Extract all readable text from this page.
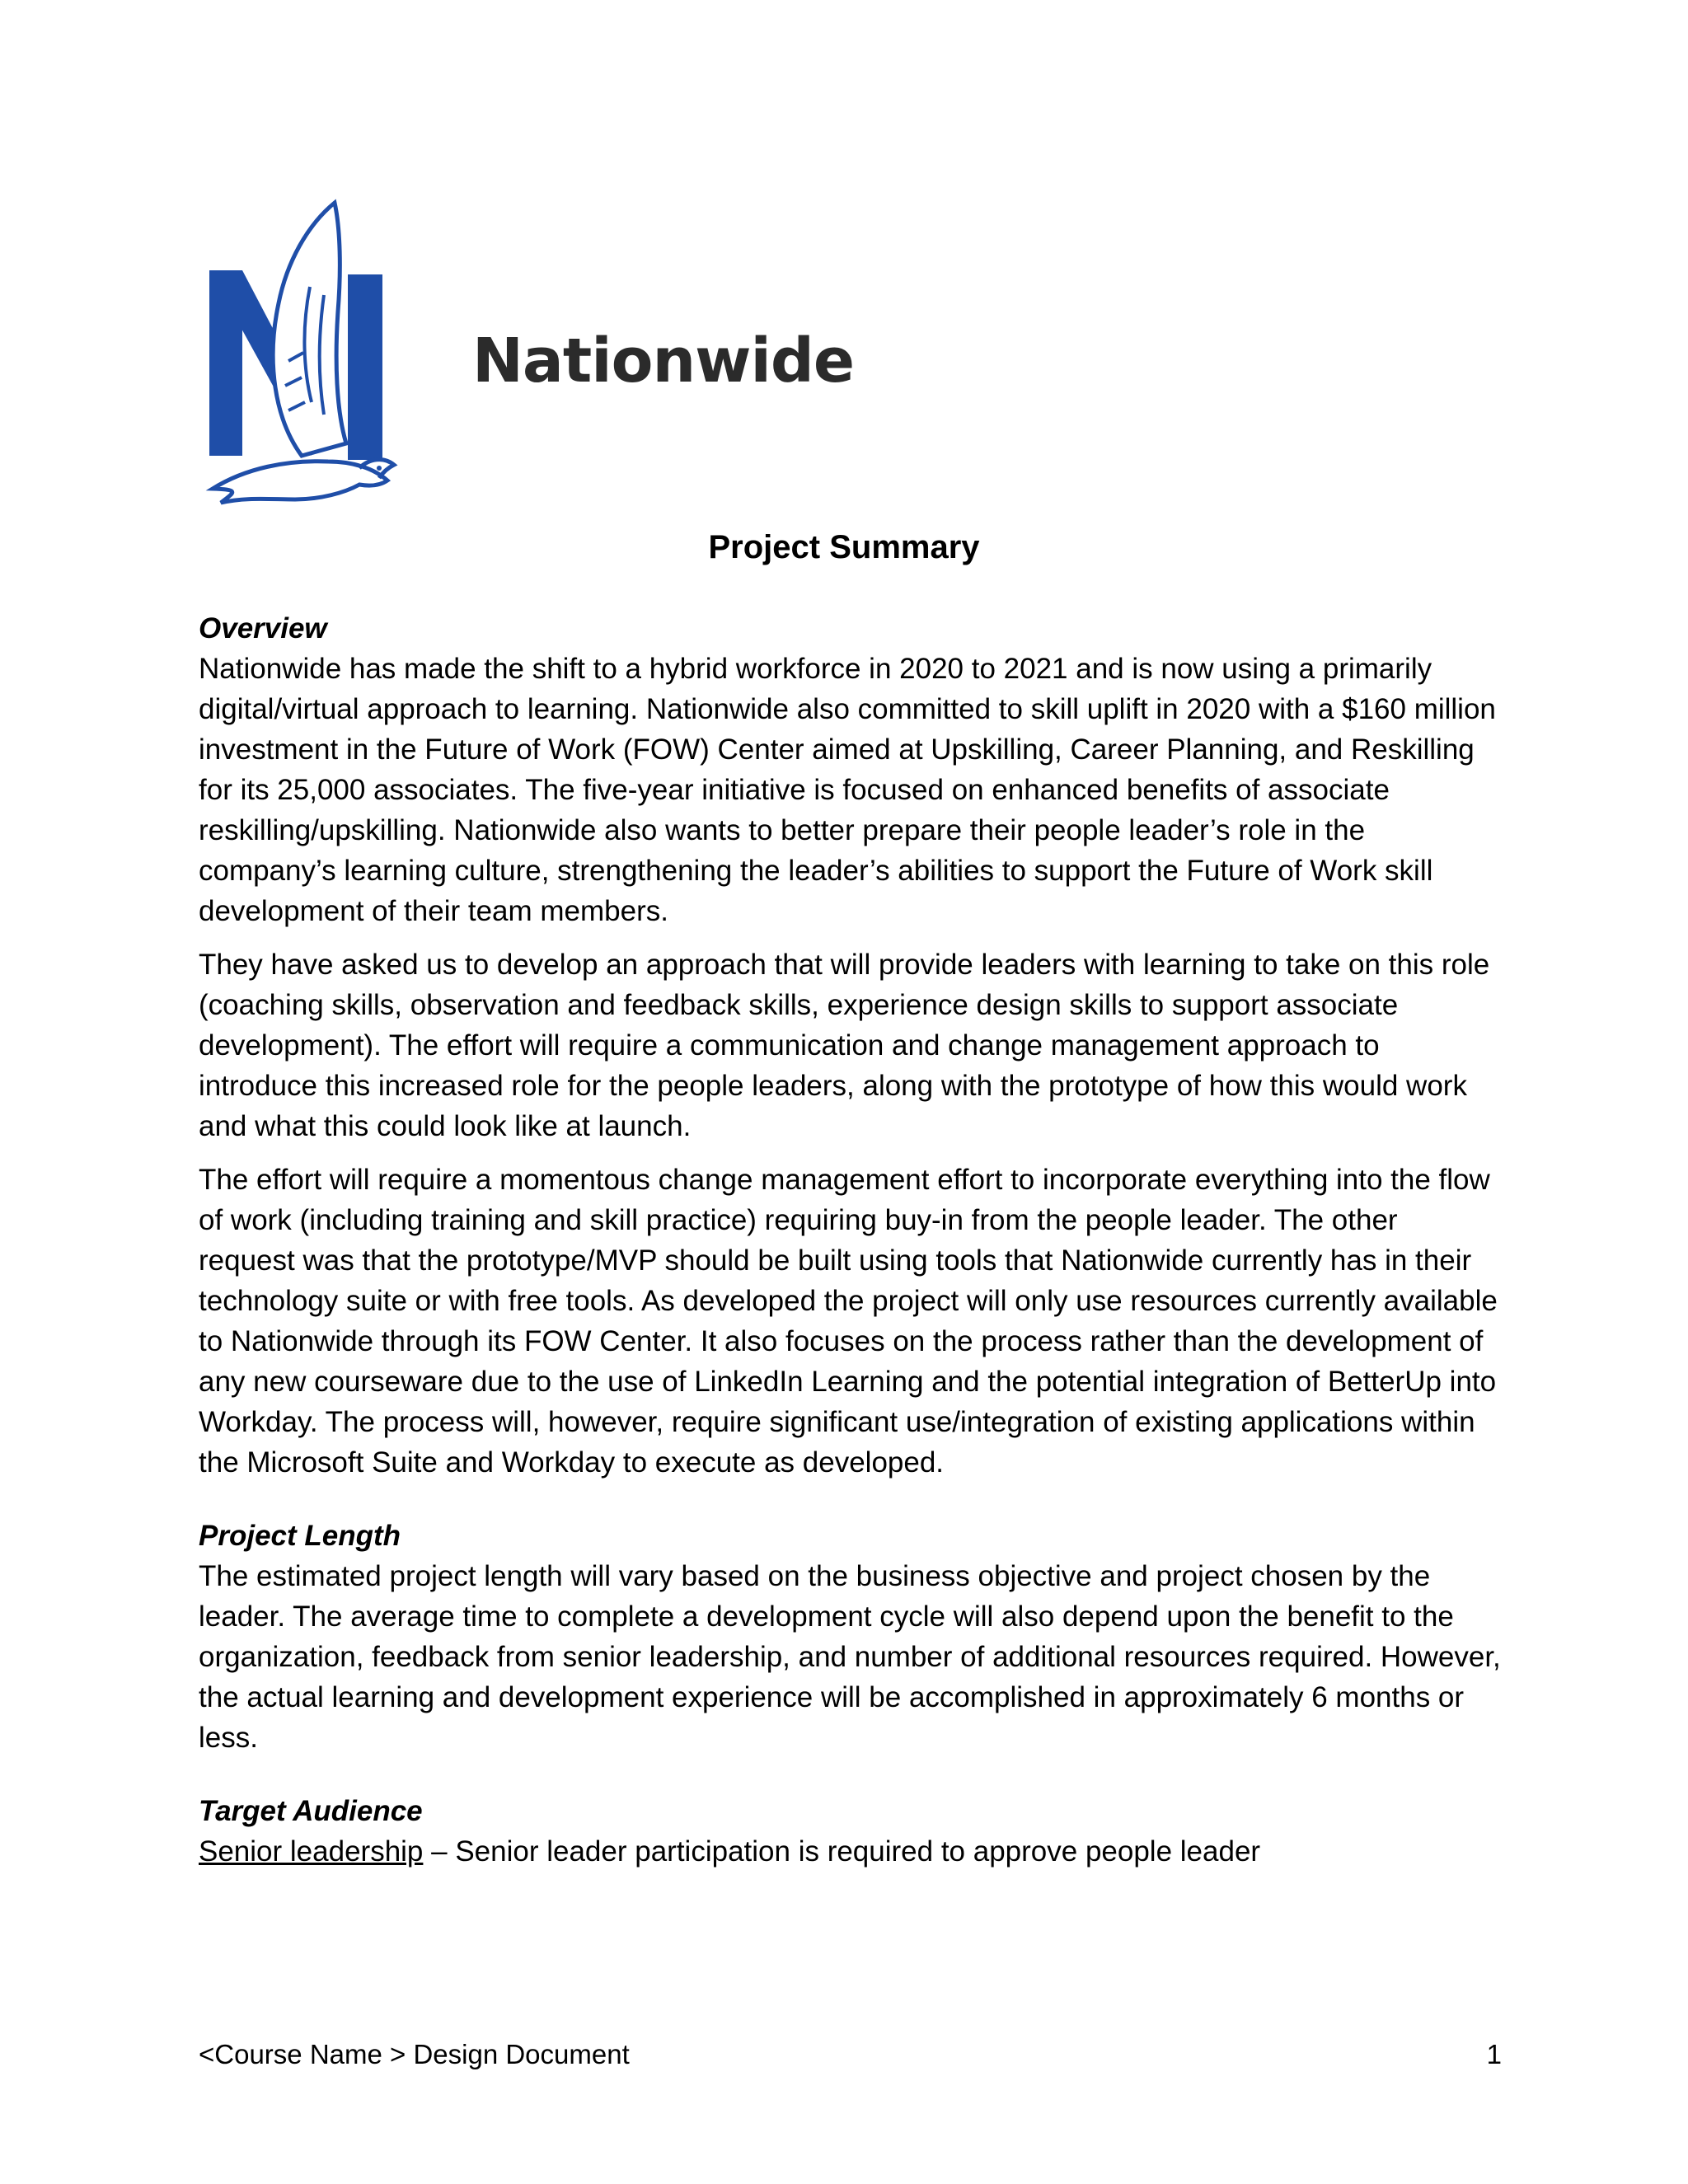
Nationwide
Project Summary

Overview

Nationwide has made the shift to a hybrid workforce in 2020 to 2021 and is now using a primarily digital/virtual approach to learning. Nationwide also committed to skill uplift in 2020 with a $160 million investment in the Future of Work (FOW) Center aimed at Upskilling, Career Planning, and Reskilling for its 25,000 associates. The five-year initiative is focused on enhanced benefits of associate reskilling/upskilling. Nationwide also wants to better prepare their people leader’s role in the company’s learning culture, strengthening the leader’s abilities to support the Future of Work skill development of their team members.

They have asked us to develop an approach that will provide leaders with learning to take on this role (coaching skills, observation and feedback skills, experience design skills to support associate development). The effort will require a communication and change management approach to introduce this increased role for the people leaders, along with the prototype of how this would work and what this could look like at launch.

The effort will require a momentous change management effort to incorporate everything into the flow of work (including training and skill practice) requiring buy-in from the people leader. The other request was that the prototype/MVP should be built using tools that Nationwide currently has in their technology suite or with free tools. As developed the project will only use resources currently available to Nationwide through its FOW Center. It also focuses on the process rather than the development of any new courseware due to the use of LinkedIn Learning and the potential integration of BetterUp into Workday. The process will, however, require significant use/integration of existing applications within the Microsoft Suite and Workday to execute as developed.

Project Length

The estimated project length will vary based on the business objective and project chosen by the leader. The average time to complete a development cycle will also depend upon the benefit to the organization, feedback from senior leadership, and number of additional resources required. However, the actual learning and development experience will be accomplished in approximately 6 months or less.

Target Audience

Senior leadership – Senior leader participation is required to approve people leader

<Course Name > Design Document	1
